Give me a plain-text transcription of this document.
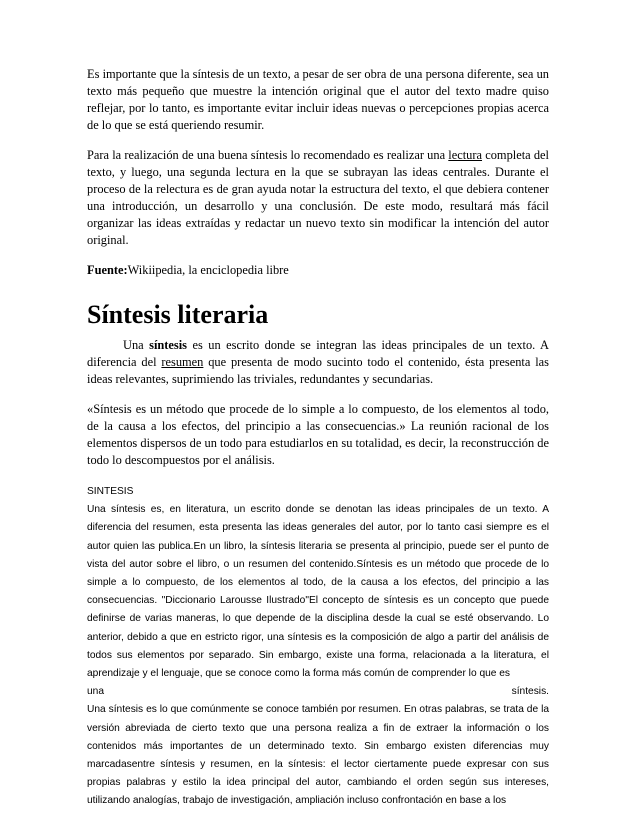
Es importante que la síntesis de un texto, a pesar de ser obra de una persona diferente, sea un texto más pequeño que muestre la intención original que el autor del texto madre quiso reflejar, por lo tanto, es importante evitar incluir ideas nuevas o percepciones propias acerca de lo que se está queriendo resumir.

Para la realización de una buena síntesis lo recomendado es realizar una lectura completa del texto, y luego, una segunda lectura en la que se subrayan las ideas centrales. Durante el proceso de la relectura es de gran ayuda notar la estructura del texto, el que debiera contener una introducción, un desarrollo y una conclusión. De este modo, resultará más fácil organizar las ideas extraídas y redactar un nuevo texto sin modificar la intención del autor original.

Fuente:Wikiipedia, la enciclopedia libre
Síntesis literaria

Una síntesis es un escrito donde se integran las ideas principales de un texto. A diferencia del resumen que presenta de modo sucinto todo el contenido, ésta presenta las ideas relevantes, suprimiendo las triviales, redundantes y secundarias.

«Síntesis es un método que procede de lo simple a lo compuesto, de los elementos al todo, de la causa a los efectos, del principio a las consecuencias.» La reunión racional de los elementos dispersos de un todo para estudiarlos en su totalidad, es decir, la reconstrucción de todo lo descompuestos por el análisis.

SINTESIS

Una síntesis es, en literatura, un escrito donde se denotan las ideas principales de un texto. A diferencia del resumen, esta presenta las ideas generales del autor, por lo tanto casi siempre es el autor quien las publica.En un libro, la síntesis literaria se presenta al principio, puede ser el punto de vista del autor sobre el libro, o un resumen del contenido.Síntesis es un método que procede de lo simple a lo compuesto, de los elementos al todo, de la causa a los efectos, del principio a las consecuencias. "Diccionario Larousse Ilustrado"El concepto de síntesis es un concepto que puede definirse de varias maneras, lo que depende de la disciplina desde la cual se esté observando. Lo anterior, debido a que en estricto rigor, una síntesis es la composición de algo a partir del análisis de todos sus elementos por separado. Sin embargo, existe una forma, relacionada a la literatura, el aprendizaje y el lenguaje, que se conoce como la forma más común de comprender lo que es

una	síntesis.

Una síntesis es lo que comúnmente se conoce también por resumen. En otras palabras, se trata de la versión abreviada de cierto texto que una persona realiza a fin de extraer la información o los contenidos más importantes de un determinado texto. Sin embargo existen diferencias muy marcadasentre síntesis y resumen, en la síntesis: el lector ciertamente puede expresar con sus propias palabras y estilo la idea principal del autor, cambiando el orden según sus intereses, utilizando analogías, trabajo de investigación, ampliación incluso confrontación en base a los
